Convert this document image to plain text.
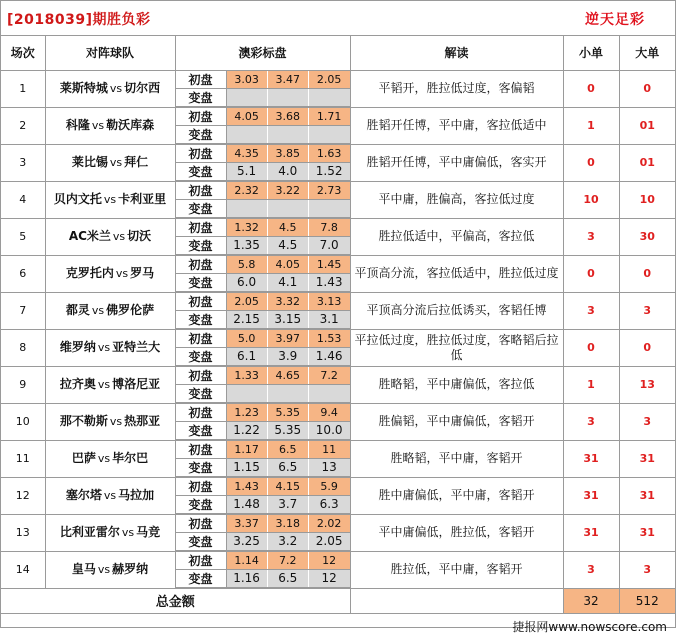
[2018039]期胜负彩	逆天足彩
场次	对阵球队	澳彩标盘	解读	小单	大单
1	莱斯特城 vs 切尔西	
初盘	3.03	3.47	2.05
变盘			
	平韬开，胜拉低过度，客偏韬	0	0
2	科隆 vs 勒沃库森	
初盘	4.05	3.68	1.71
变盘			
	胜韬开任博，平中庸，客拉低适中	1	01
3	莱比锡 vs 拜仁	
初盘	4.35	3.85	1.63
变盘	5.1	4.0	1.52
	胜韬开任博，平中庸偏低，客实开	0	01
4	贝内文托 vs 卡利亚里	
初盘	2.32	3.22	2.73
变盘			
	平中庸，胜偏高，客拉低过度	10	10
5	AC米兰 vs 切沃	
初盘	1.32	4.5	7.8
变盘	1.35	4.5	7.0
	胜拉低适中，平偏高，客拉低	3	30
6	克罗托内 vs 罗马	
初盘	5.8	4.05	1.45
变盘	6.0	4.1	1.43
	平顶高分流，客拉低适中，胜拉低过度	0	0
7	都灵 vs 佛罗伦萨	
初盘	2.05	3.32	3.13
变盘	2.15	3.15	3.1
	平顶高分流后拉低诱买，客韬任博	3	3
8	维罗纳 vs 亚特兰大	
初盘	5.0	3.97	1.53
变盘	6.1	3.9	1.46
	平拉低过度，胜拉低过度，客略韬后拉低	0	0
9	拉齐奥 vs 博洛尼亚	
初盘	1.33	4.65	7.2
变盘			
	胜略韬，平中庸偏低，客拉低	1	13
10	那不勒斯 vs 热那亚	
初盘	1.23	5.35	9.4
变盘	1.22	5.35	10.0
	胜偏韬，平中庸偏低，客韬开	3	3
11	巴萨 vs 毕尔巴	
初盘	1.17	6.5	11
变盘	1.15	6.5	13
	胜略韬，平中庸，客韬开	31	31
12	塞尔塔 vs 马拉加	
初盘	1.43	4.15	5.9
变盘	1.48	3.7	6.3
	胜中庸偏低，平中庸，客韬开	31	31
13	比利亚雷尔 vs 马竞	
初盘	3.37	3.18	2.02
变盘	3.25	3.2	2.05
	平中庸偏低，胜拉低，客韬开	31	31
14	皇马 vs 赫罗纳	
初盘	1.14	7.2	12
变盘	1.16	6.5	12
	胜拉低，平中庸，客韬开	3	3
总金额		32	512
捷报网www.nowscore.com
